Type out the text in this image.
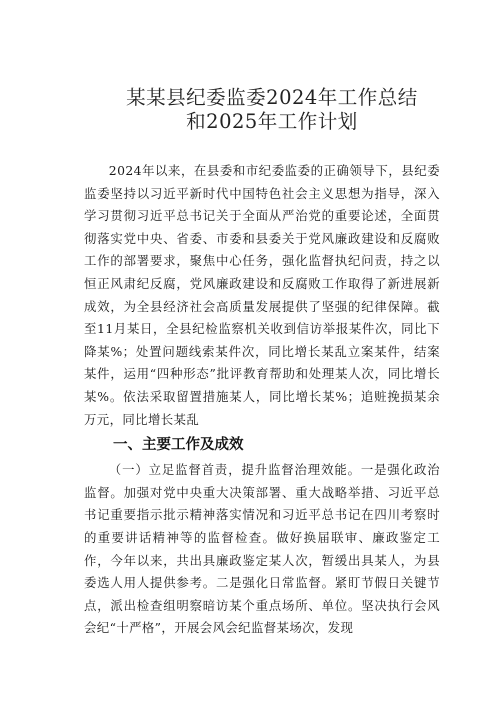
某某县纪委监委2024年工作总结
和2025年工作计划

2024年以来，在县委和市纪委监委的正确领导下，县纪委监委坚持以习近平新时代中国特色社会主义思想为指导，深入学习贯彻习近平总书记关于全面从严治党的重要论述，全面贯彻落实党中央、省委、市委和县委关于党风廉政建设和反腐败工作的部署要求，聚焦中心任务，强化监督执纪问责，持之以恒正风肃纪反腐，党风廉政建设和反腐败工作取得了新进展新成效，为全县经济社会高质量发展提供了坚强的纪律保障。截至11月某日，全县纪检监察机关收到信访举报某件次，同比下降某%；处置问题线索某件次，同比增长某乱立案某件，结案某件，运用“四种形态”批评教育帮助和处理某人次，同比增长某%。依法采取留置措施某人，同比增长某%；追赃挽损某余万元，同比增长某乱

一、主要工作及成效

（一）立足监督首责，提升监督治理效能。一是强化政治监督。加强对党中央重大决策部署、重大战略举措、习近平总书记重要指示批示精神落实情况和习近平总书记在四川考察时的重要讲话精神等的监督检查。做好换届联审、廉政鉴定工作，今年以来，共出具廉政鉴定某人次，暂缓出具某人，为县委选人用人提供参考。二是强化日常监督。紧盯节假日关键节点，派出检查组明察暗访某个重点场所、单位。坚决执行会风会纪“十严格”，开展会风会纪监督某场次，发现
